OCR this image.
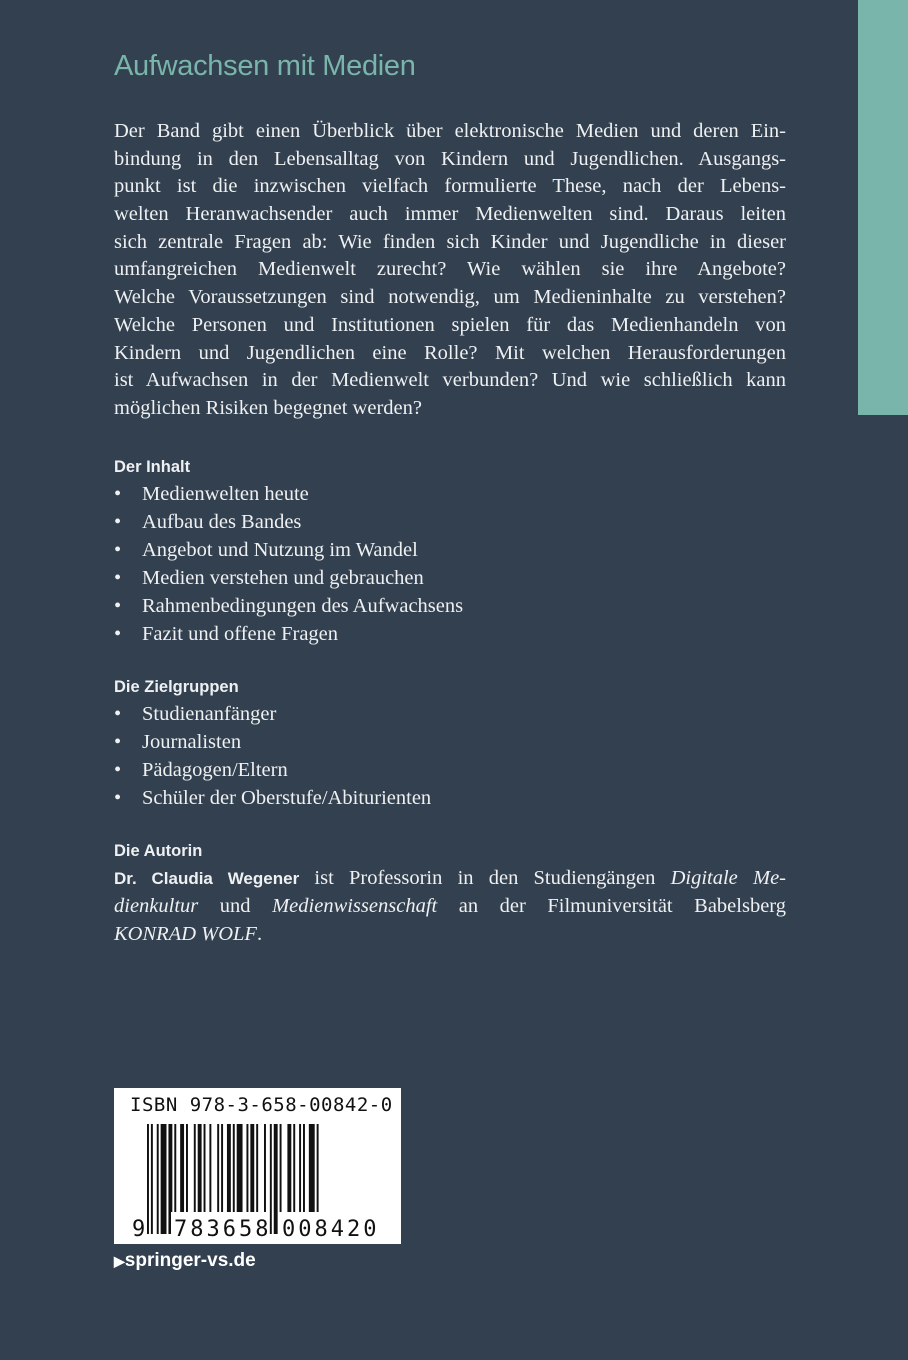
Aufwachsen mit Medien
Der Band gibt einen Überblick über elektronische Medien und deren Ein-
bindung in den Lebensalltag von Kindern und Jugendlichen. Ausgangs-
punkt ist die inzwischen vielfach formulierte These, nach der Lebens-
welten Heranwachsender auch immer Medienwelten sind. Daraus leiten
sich zentrale Fragen ab: Wie finden sich Kinder und Jugendliche in dieser
umfangreichen Medienwelt zurecht? Wie wählen sie ihre Angebote?
Welche Voraussetzungen sind notwendig, um Medieninhalte zu verstehen?
Welche Personen und Institutionen spielen für das Medienhandeln von
Kindern und Jugendlichen eine Rolle? Mit welchen Herausforderungen
ist Aufwachsen in der Medienwelt verbunden? Und wie schließlich kann
möglichen Risiken begegnet werden?
Der Inhalt
• Medienwelten heute
• Aufbau des Bandes
• Angebot und Nutzung im Wandel
• Medien verstehen und gebrauchen
• Rahmenbedingungen des Aufwachsens
• Fazit und offene Fragen
Die Zielgruppen
• Studienanfänger
• Journalisten
• Pädagogen/Eltern
• Schüler der Oberstufe/Abiturienten
Die Autorin
Dr. Claudia Wegener ist Professorin in den Studiengängen Digitale Me-
dienkultur und Medienwissenschaft an der Filmuniversität Babelsberg
KONRAD WOLF.
ISBN 978-3-658-00842-0
9 783658 008420
▶springer-vs.de
